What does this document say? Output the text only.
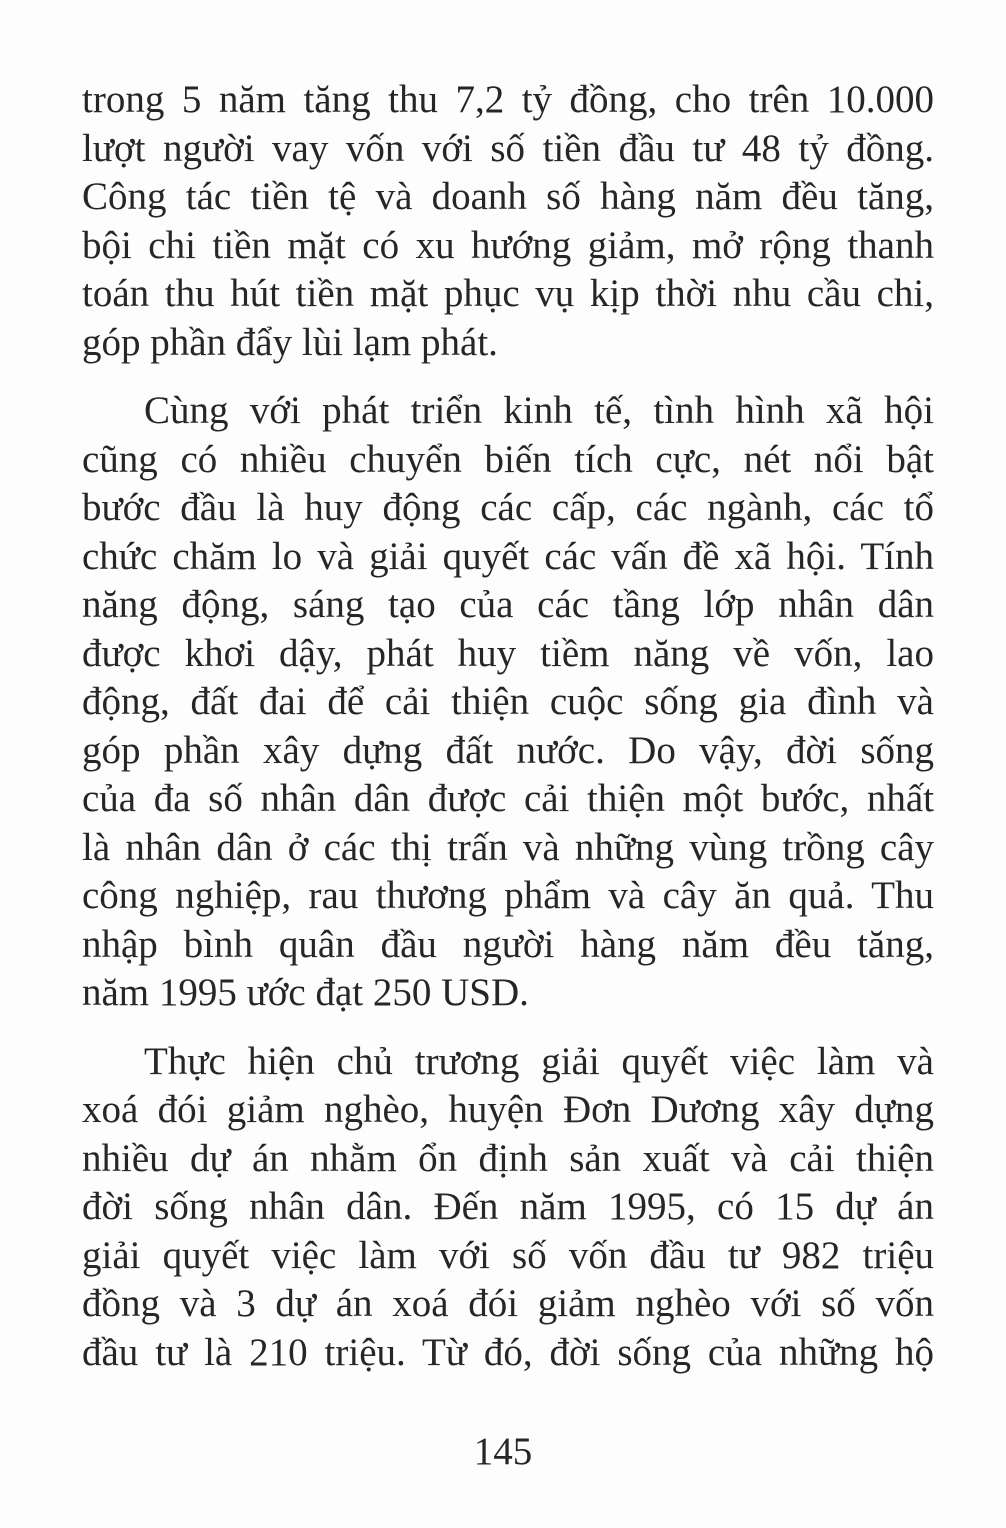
trong 5 năm tăng thu 7,2 tỷ đồng, cho trên 10.000
lượt người vay vốn với số tiền đầu tư 48 tỷ đồng.
Công tác tiền tệ và doanh số hàng năm đều tăng,
bội chi tiền mặt có xu hướng giảm, mở rộng thanh
toán thu hút tiền mặt phục vụ kịp thời nhu cầu chi,
góp phần đẩy lùi lạm phát.
Cùng với phát triển kinh tế, tình hình xã hội
cũng có nhiều chuyển biến tích cực, nét nổi bật
bước đầu là huy động các cấp, các ngành, các tổ
chức chăm lo và giải quyết các vấn đề xã hội. Tính
năng động, sáng tạo của các tầng lớp nhân dân
được khơi dậy, phát huy tiềm năng về vốn, lao
động, đất đai để cải thiện cuộc sống gia đình và
góp phần xây dựng đất nước. Do vậy, đời sống
của đa số nhân dân được cải thiện một bước, nhất
là nhân dân ở các thị trấn và những vùng trồng cây
công nghiệp, rau thương phẩm và cây ăn quả. Thu
nhập bình quân đầu người hàng năm đều tăng,
năm 1995 ước đạt 250 USD.
Thực hiện chủ trương giải quyết việc làm và
xoá đói giảm nghèo, huyện Đơn Dương xây dựng
nhiều dự án nhằm ổn định sản xuất và cải thiện
đời sống nhân dân. Đến năm 1995, có 15 dự án
giải quyết việc làm với số vốn đầu tư 982 triệu
đồng và 3 dự án xoá đói giảm nghèo với số vốn
đầu tư là 210 triệu. Từ đó, đời sống của những hộ
145
